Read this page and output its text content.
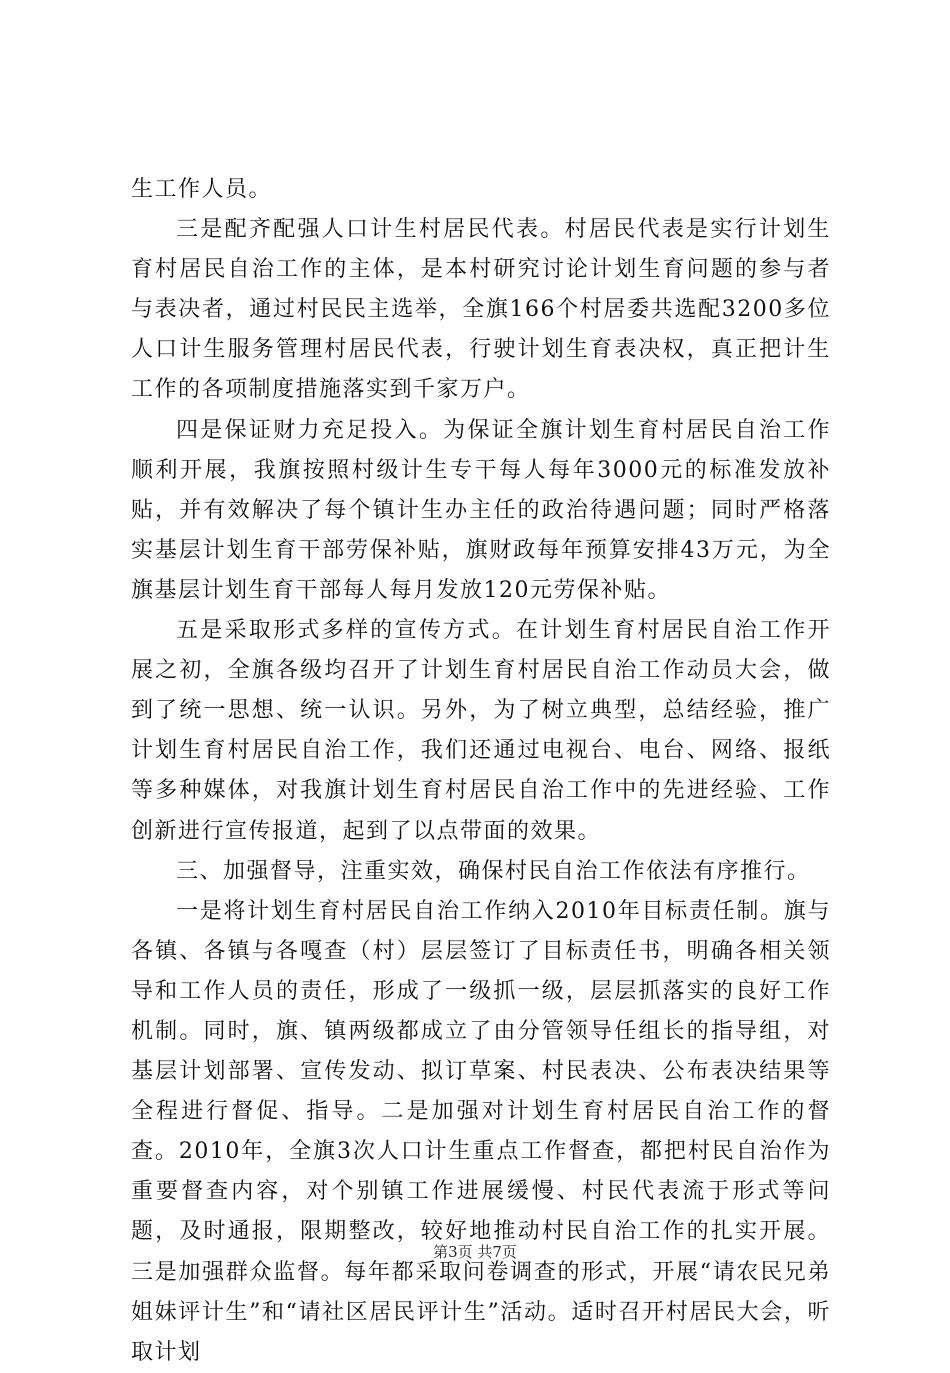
生工作人员。

三是配齐配强人口计生村居民代表。村居民代表是实行计划生育村居民自治工作的主体，是本村研究讨论计划生育问题的参与者与表决者，通过村民民主选举，全旗166个村居委共选配3200多位人口计生服务管理村居民代表，行驶计划生育表决权，真正把计生工作的各项制度措施落实到千家万户。

四是保证财力充足投入。为保证全旗计划生育村居民自治工作顺利开展，我旗按照村级计生专干每人每年3000元的标准发放补贴，并有效解决了每个镇计生办主任的政治待遇问题；同时严格落实基层计划生育干部劳保补贴，旗财政每年预算安排43万元，为全旗基层计划生育干部每人每月发放120元劳保补贴。

五是采取形式多样的宣传方式。在计划生育村居民自治工作开展之初，全旗各级均召开了计划生育村居民自治工作动员大会，做到了统一思想、统一认识。另外，为了树立典型，总结经验，推广计划生育村居民自治工作，我们还通过电视台、电台、网络、报纸等多种媒体，对我旗计划生育村居民自治工作中的先进经验、工作创新进行宣传报道，起到了以点带面的效果。

三、加强督导，注重实效，确保村民自治工作依法有序推行。

一是将计划生育村居民自治工作纳入2010年目标责任制。旗与各镇、各镇与各嘎查（村）层层签订了目标责任书，明确各相关领导和工作人员的责任，形成了一级抓一级，层层抓落实的良好工作机制。同时，旗、镇两级都成立了由分管领导任组长的指导组，对基层计划部署、宣传发动、拟订草案、村民表决、公布表决结果等全程进行督促、指导。二是加强对计划生育村居民自治工作的督查。2010年，全旗3次人口计生重点工作督查，都把村民自治作为重要督查内容，对个别镇工作进展缓慢、村民代表流于形式等问题，及时通报，限期整改，较好地推动村民自治工作的扎实开展。三是加强群众监督。每年都采取问卷调查的形式，开展“请农民兄弟姐妹评计生”和“请社区居民评计生”活动。适时召开村居民大会，听取计划

第3页 共7页
